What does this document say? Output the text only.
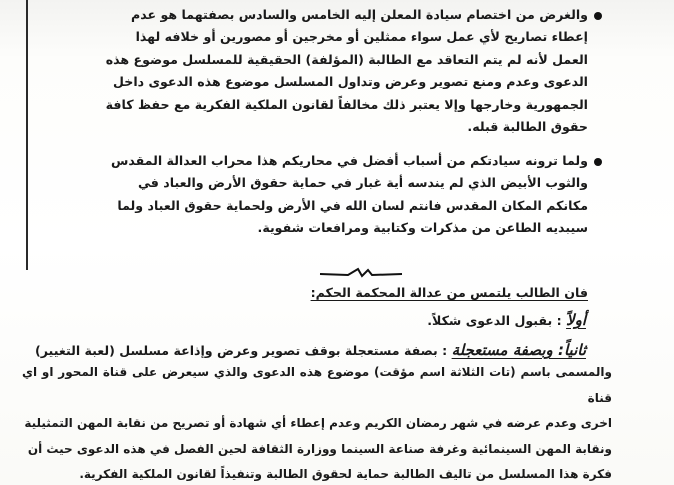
والغرض من اختصام سيادة المعلن إليه الخامس والسادس بصفتهما هو عدم

إعطاء تصاريح لأي عمل سواء ممثلين أو مخرجين أو مصورين أو خلافه لهذا

العمل لأنه لم يتم التعاقد مع الطالبة (المؤلفة) الحقيقية للمسلسل موضوع هذه

الدعوى وعدم ومنع تصوير وعرض وتداول المسلسل موضوع هذه الدعوى داخل

الجمهورية وخارجها وإلا يعتبر ذلك مخالفاً لقانون الملكية الفكرية مع حفظ كافة

حقوق الطالبة قبله.

ولما ترونه سيادتكم من أسباب أفضل في محاريكم هذا محراب العدالة المقدس

والثوب الأبيض الذي لم يندسه أية غبار في حماية حقوق الأرض والعباد في

مكانكم المكان المقدس فانتم لسان الله في الأرض ولحماية حقوق العباد ولما

سيبديه الطاعن من مذكرات وكتابية ومرافعات شفوية.

فان الطالب يلتمس من عدالة المحكمة الحكم:
أولاً : بقبول الدعوى شكلاً.
ثانياً: وبصفة مستعجلة : بصفة مستعجلة بوقف تصوير وعرض وإذاعة مسلسل (لعبة التغيير)

والمسمى باسم (تات الثلاثة اسم مؤقت) موضوع هذه الدعوى والذي سيعرض على قناة المحور او اي قناة

اخرى وعدم عرضه في شهر رمضان الكريم وعدم إعطاء أي شهادة أو تصريح من نقابة المهن التمثيلية

ونقابة المهن السينمائية وغرفة صناعة السينما ووزارة الثقافة لحين الفصل في هذه الدعوى حيث أن

فكرة هذا المسلسل من تاليف الطالبة حماية لحقوق الطالبة وتنفيذاً لقانون الملكية الفكرية.
